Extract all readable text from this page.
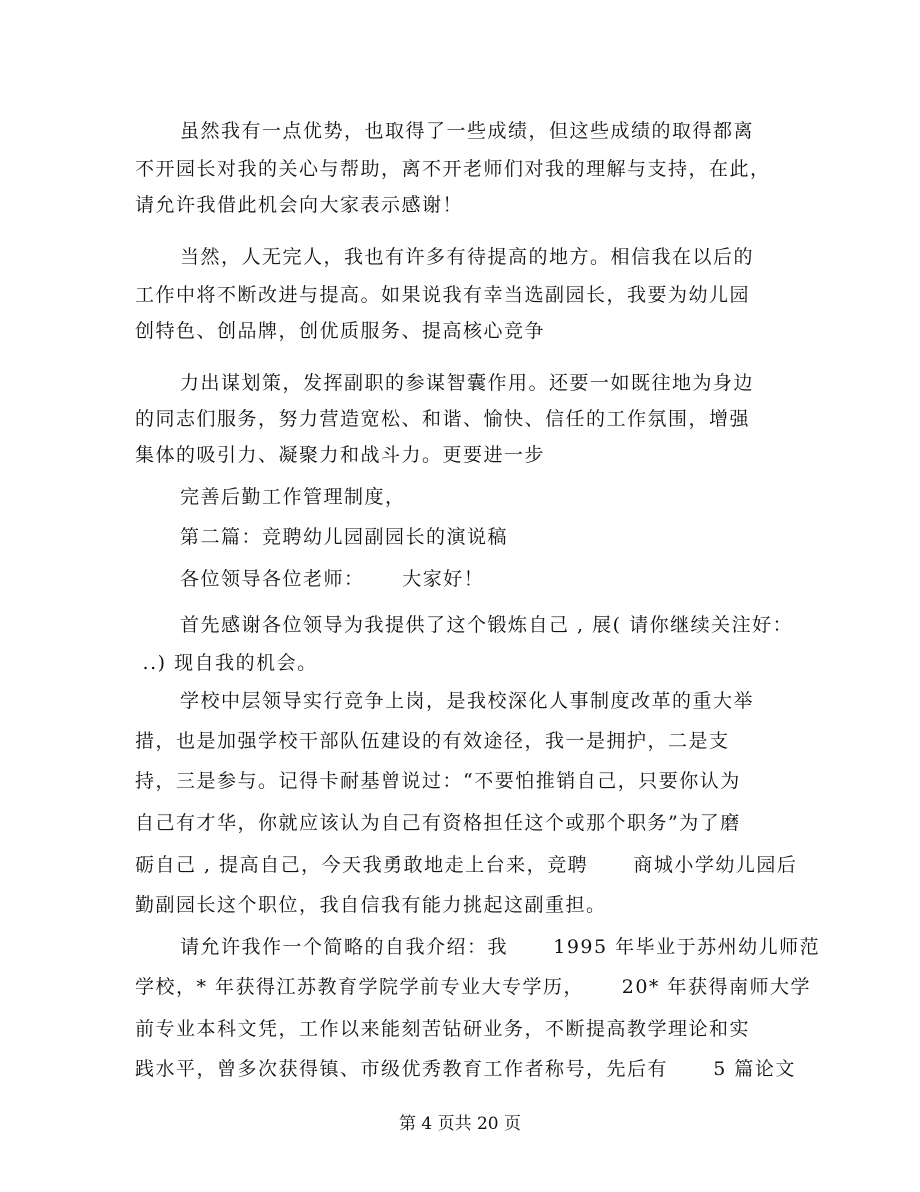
虽然我有一点优势，也取得了一些成绩，但这些成绩的取得都离

不开园长对我的关心与帮助，离不开老师们对我的理解与支持，在此，

请允许我借此机会向大家表示感谢！

当然，人无完人，我也有许多有待提高的地方。相信我在以后的

工作中将不断改进与提高。如果说我有幸当选副园长，我要为幼儿园

创特色、创品牌，创优质服务、提高核心竞争

力出谋划策，发挥副职的参谋智囊作用。还要一如既往地为身边

的同志们服务，努力营造宽松、和谐、愉快、信任的工作氛围，增强

集体的吸引力、凝聚力和战斗力。更要进一步

完善后勤工作管理制度，

第二篇：竞聘幼儿园副园长的演说稿

各位领导各位老师：     大家好！

首先感谢各位领导为我提供了这个锻炼自己 , 展( 请你继续关注好：

..) 现自我的机会。

学校中层领导实行竞争上岗，是我校深化人事制度改革的重大举

措，也是加强学校干部队伍建设的有效途径，我一是拥护，二是支

持，三是参与。记得卡耐基曾说过：“不要怕推销自己，只要你认为

自己有才华，你就应该认为自己有资格担任这个或那个职务”为了磨

砺自己 , 提高自己，今天我勇敢地走上台来，竞聘      商城小学幼儿园后

勤副园长这个职位，我自信我有能力挑起这副重担。

请允许我作一个简略的自我介绍：我      1995 年毕业于苏州幼儿师范

学校，* 年获得江苏教育学院学前专业大专学历，     20* 年获得南师大学

前专业本科文凭，工作以来能刻苦钻研业务，不断提高教学理论和实

践水平，曾多次获得镇、市级优秀教育工作者称号，先后有      5 篇论文

第 4 页共 20 页
